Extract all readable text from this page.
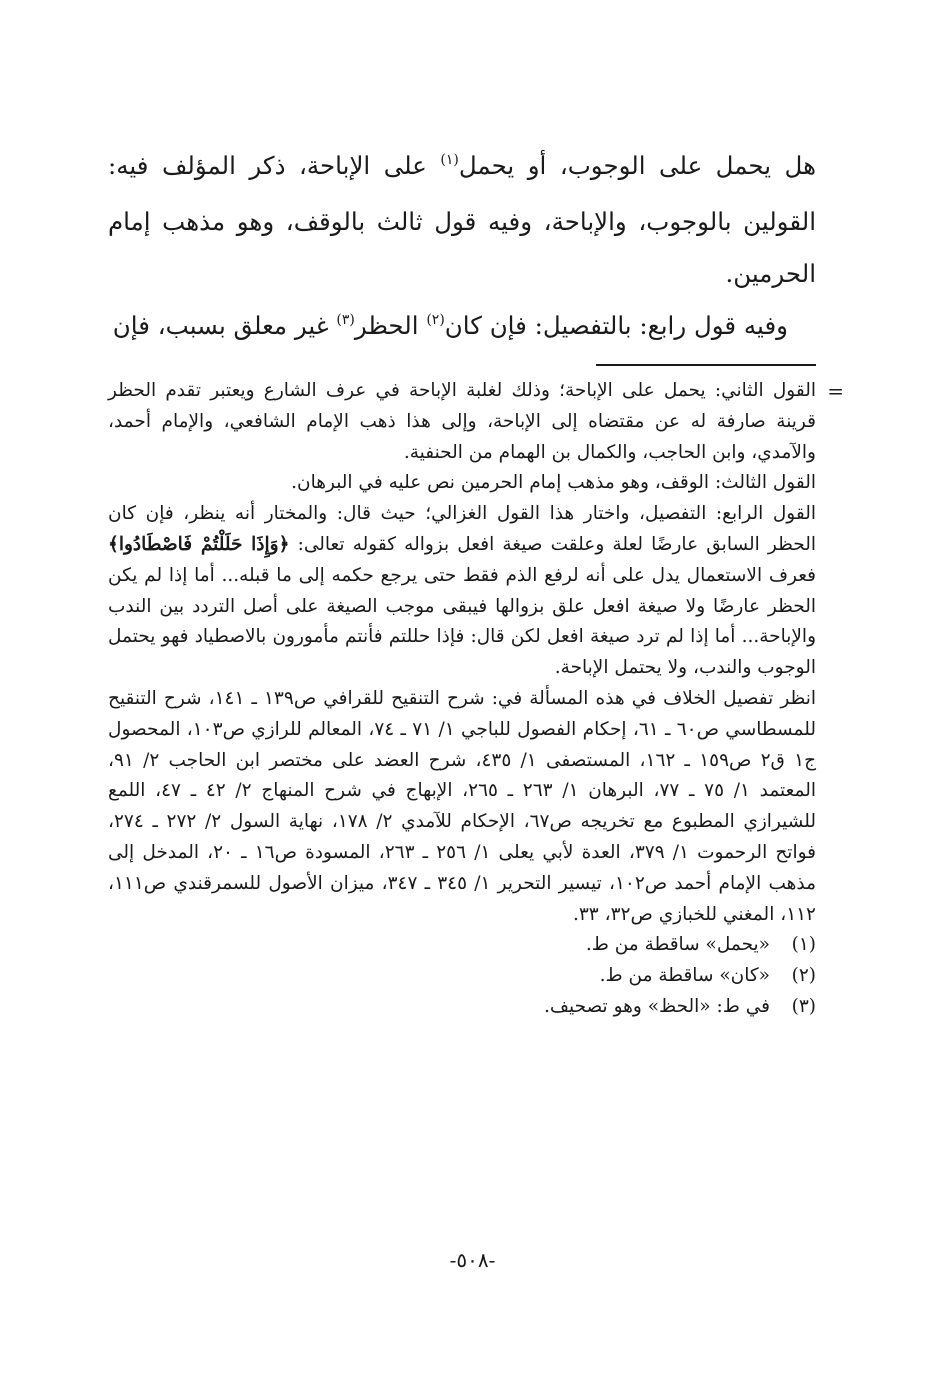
هل يحمل على الوجوب، أو يحمل$^{(١)}$ على الإباحة، ذكر المؤلف فيه: القولين بالوجوب، والإباحة، وفيه قول ثالث بالوقف، وهو مذهب إمام الحرمين.

وفيه قول رابع: بالتفصيل: فإن كان$^{(٢)}$ الحظر$^{(٣)}$ غير معلق بسبب، فإن

=

القول الثاني: يحمل على الإباحة؛ وذلك لغلبة الإباحة في عرف الشارع ويعتبر تقدم الحظر قرينة صارفة له عن مقتضاه إلى الإباحة، وإلى هذا ذهب الإمام الشافعي، والإمام أحمد، والآمدي، وابن الحاجب، والكمال بن الهمام من الحنفية.

القول الثالث: الوقف، وهو مذهب إمام الحرمين نص عليه في البرهان.

القول الرابع: التفصيل، واختار هذا القول الغزالي؛ حيث قال: والمختار أنه ينظر، فإن كان الحظر السابق عارضًا لعلة وعلقت صيغة افعل بزواله كقوله تعالى: ﴿وَإِذَا حَلَلْتُمْ فَاصْطَادُوا﴾ فعرف الاستعمال يدل على أنه لرفع الذم فقط حتى يرجع حكمه إلى ما قبله... أما إذا لم يكن الحظر عارضًا ولا صيغة افعل علق بزوالها فيبقى موجب الصيغة على أصل التردد بين الندب والإباحة... أما إذا لم ترد صيغة افعل لكن قال: فإذا حللتم فأنتم مأمورون بالاصطياد فهو يحتمل الوجوب والندب، ولا يحتمل الإباحة.

انظر تفصيل الخلاف في هذه المسألة في: شرح التنقيح للقرافي ص١٣٩ ـ ١٤١، شرح التنقيح للمسطاسي ص٦٠ ـ ٦١، إحكام الفصول للباجي ١/ ٧١ ـ ٧٤، المعالم للرازي ص١٠٣، المحصول ج١ ق٢ ص١٥٩ ـ ١٦٢، المستصفى ١/ ٤٣٥، شرح العضد على مختصر ابن الحاجب ٢/ ٩١، المعتمد ١/ ٧٥ ـ ٧٧، البرهان ١/ ٢٦٣ ـ ٢٦٥، الإبهاج في شرح المنهاج ٢/ ٤٢ ـ ٤٧، اللمع للشيرازي المطبوع مع تخريجه ص٦٧، الإحكام للآمدي ٢/ ١٧٨، نهاية السول ٢/ ٢٧٢ ـ ٢٧٤، فواتح الرحموت ١/ ٣٧٩، العدة لأبي يعلى ١/ ٢٥٦ ـ ٢٦٣، المسودة ص١٦ ـ ٢٠، المدخل إلى مذهب الإمام أحمد ص١٠٢، تيسير التحرير ١/ ٣٤٥ ـ ٣٤٧، ميزان الأصول للسمرقندي ص١١١، ١١٢، المغني للخبازي ص٣٢، ٣٣.

(١)
«يحمل» ساقطة من ط.
(٢)
«كان» ساقطة من ط.
(٣)
في ط: «الحظ» وهو تصحيف.
-٥٠٨-
